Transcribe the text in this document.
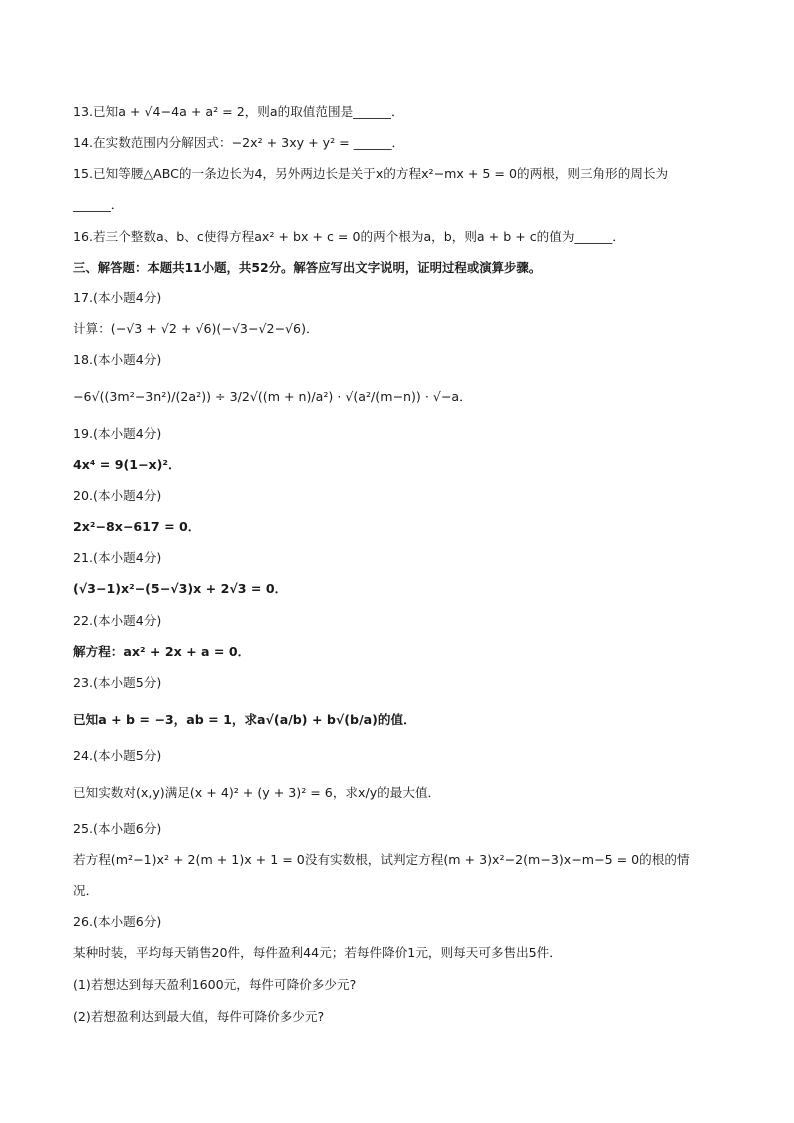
13.已知a + √4−4a + a² = 2，则a的取值范围是______．
14.在实数范围内分解因式：−2x² + 3xy + y² = ______．
15.已知等腰△ABC的一条边长为4，另外两边长是关于x的方程x²−mx + 5 = 0的两根，则三角形的周长为
______．
16.若三个整数a、b、c使得方程ax² + bx + c = 0的两个根为a，b，则a + b + c的值为______．
三、解答题：本题共11小题，共52分。解答应写出文字说明，证明过程或演算步骤。
17.(本小题4分)
计算：(−√3 + √2 + √6)(−√3−√2−√6)．
18.(本小题4分)
−6√((3m²−3n²)/(2a²)) ÷ 3/2√((m + n)/a²) · √(a²/(m−n)) · √−a．
19.(本小题4分)
4x⁴ = 9(1−x)²．
20.(本小题4分)
2x²−8x−617 = 0．
21.(本小题4分)
(√3−1)x²−(5−√3)x + 2√3 = 0．
22.(本小题4分)
解方程：ax² + 2x + a = 0．
23.(本小题5分)
已知a + b = −3，ab = 1，求a√(a/b) + b√(b/a)的值．
24.(本小题5分)
已知实数对(x,y)满足(x + 4)² + (y + 3)² = 6，求x/y的最大值．
25.(本小题6分)
若方程(m²−1)x² + 2(m + 1)x + 1 = 0没有实数根，试判定方程(m + 3)x²−2(m−3)x−m−5 = 0的根的情
况．
26.(本小题6分)
某种时装，平均每天销售20件，每件盈利44元；若每件降价1元，则每天可多售出5件．
(1)若想达到每天盈利1600元，每件可降价多少元?
(2)若想盈利达到最大值，每件可降价多少元?
